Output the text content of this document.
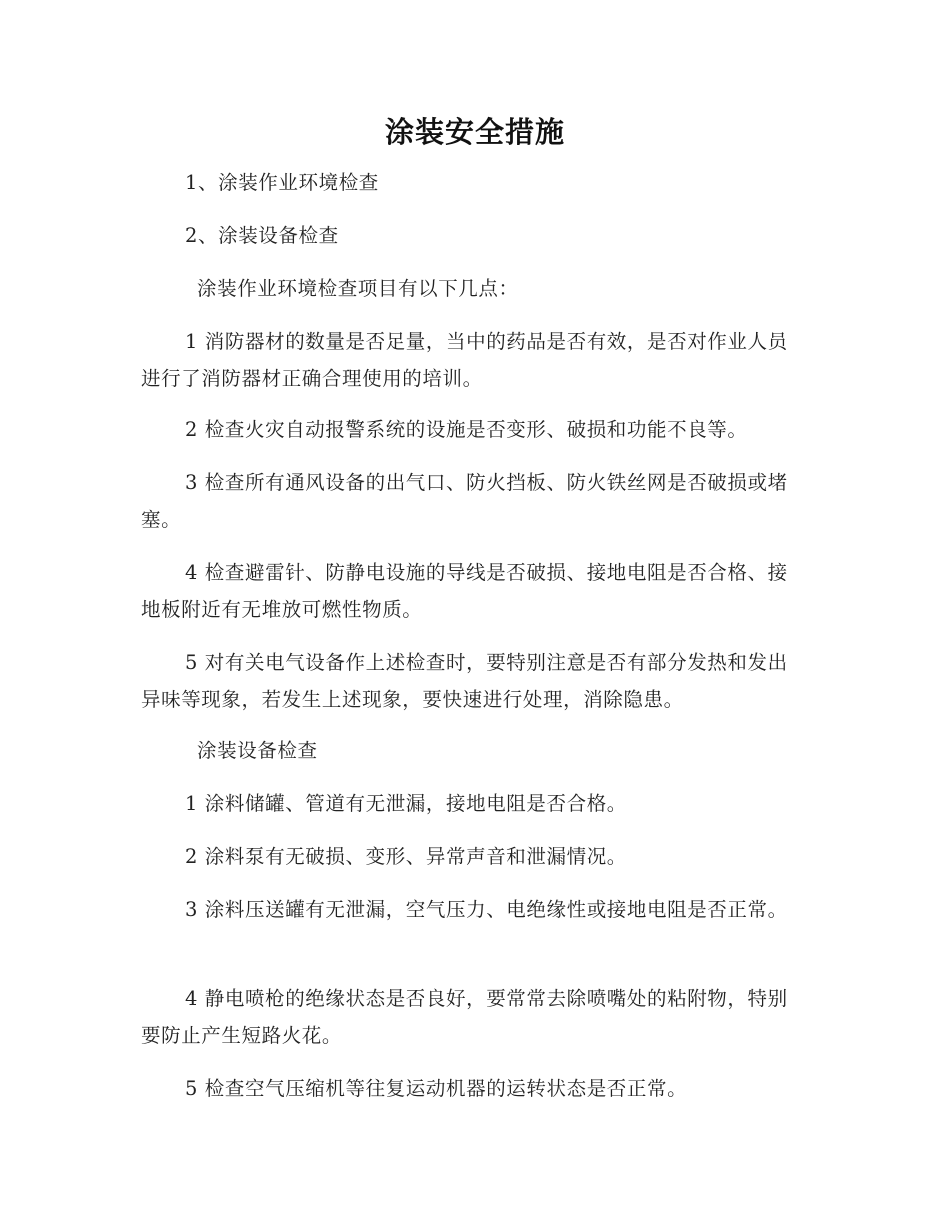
涂装安全措施
1、涂装作业环境检查
2、涂装设备检查
涂装作业环境检查项目有以下几点：
1 消防器材的数量是否足量，当中的药品是否有效，是否对作业人员进行了消防器材正确合理使用的培训。
2 检查火灾自动报警系统的设施是否变形、破损和功能不良等。
3 检查所有通风设备的出气口、防火挡板、防火铁丝网是否破损或堵塞。
4 检查避雷针、防静电设施的导线是否破损、接地电阻是否合格、接地板附近有无堆放可燃性物质。
5 对有关电气设备作上述检查时，要特别注意是否有部分发热和发出异味等现象，若发生上述现象，要快速进行处理，消除隐患。
涂装设备检查
1 涂料储罐、管道有无泄漏，接地电阻是否合格。
2 涂料泵有无破损、变形、异常声音和泄漏情况。
3 涂料压送罐有无泄漏，空气压力、电绝缘性或接地电阻是否正常。
4 静电喷枪的绝缘状态是否良好，要常常去除喷嘴处的粘附物，特别要防止产生短路火花。
5 检查空气压缩机等往复运动机器的运转状态是否正常。
